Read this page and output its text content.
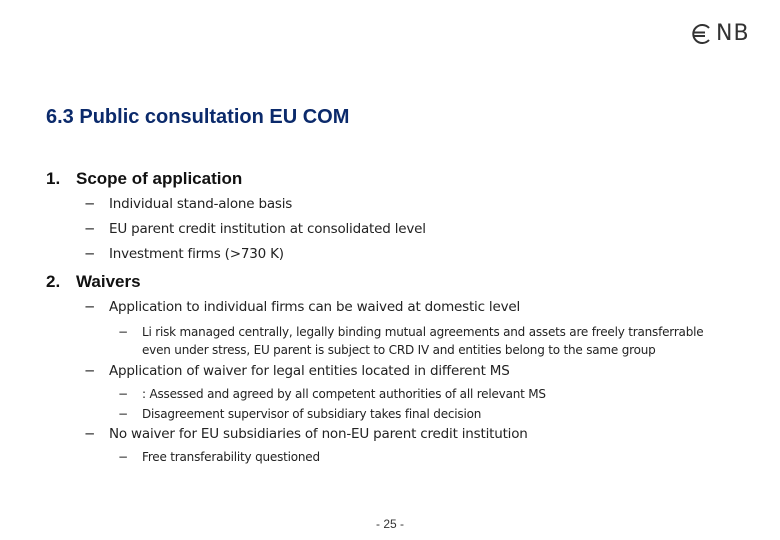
NB
6.3 Public consultation EU COM
1. Scope of application
− Individual stand-alone basis
− EU parent credit institution at consolidated level
− Investment firms (>730 K)
2. Waivers
− Application to individual firms can be waived at domestic level
− Li risk managed centrally, legally binding mutual agreements and assets are freely transferrable even under stress, EU parent is subject to CRD IV and entities belong to the same group
− Application of waiver for legal entities located in different MS
− : Assessed and agreed by all competent authorities of all relevant MS
− Disagreement supervisor of subsidiary takes final decision
− No waiver for EU subsidiaries of non-EU parent credit institution
− Free transferability questioned
- 25 -
